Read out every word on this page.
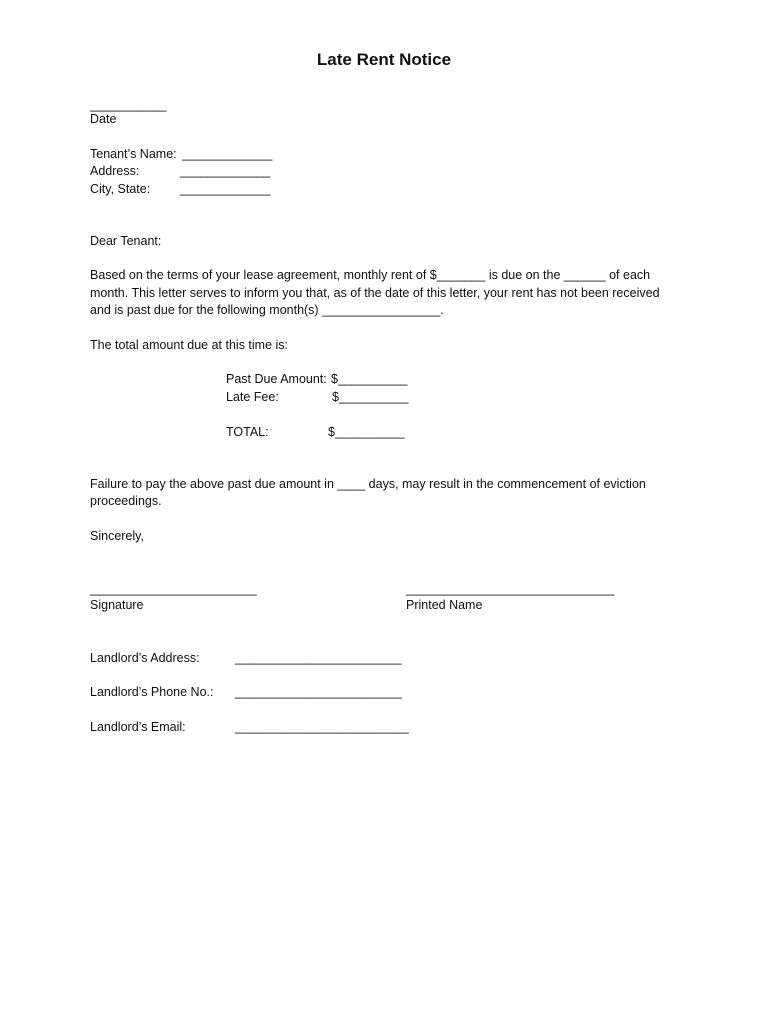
Late Rent Notice
___________
Date
Tenant’s Name: _____________
Address:	_____________
City, State: _____________
Dear Tenant:
Based on the terms of your lease agreement, monthly rent of $_______ is due on the ______ of each
month. This letter serves to inform you that, as of the date of this letter, your rent has not been received
and is past due for the following month(s) _________________.
The total amount due at this time is:
Past Due Amount: $__________
Late Fee:	$__________
TOTAL:	$__________
Failure to pay the above past due amount in ____ days, may result in the commencement of eviction
proceedings.
Sincerely,
________________________
Signature
______________________________
Printed Name
Landlord’s Address:	________________________
Landlord’s Phone No.: ________________________
Landlord’s Email:	_________________________
